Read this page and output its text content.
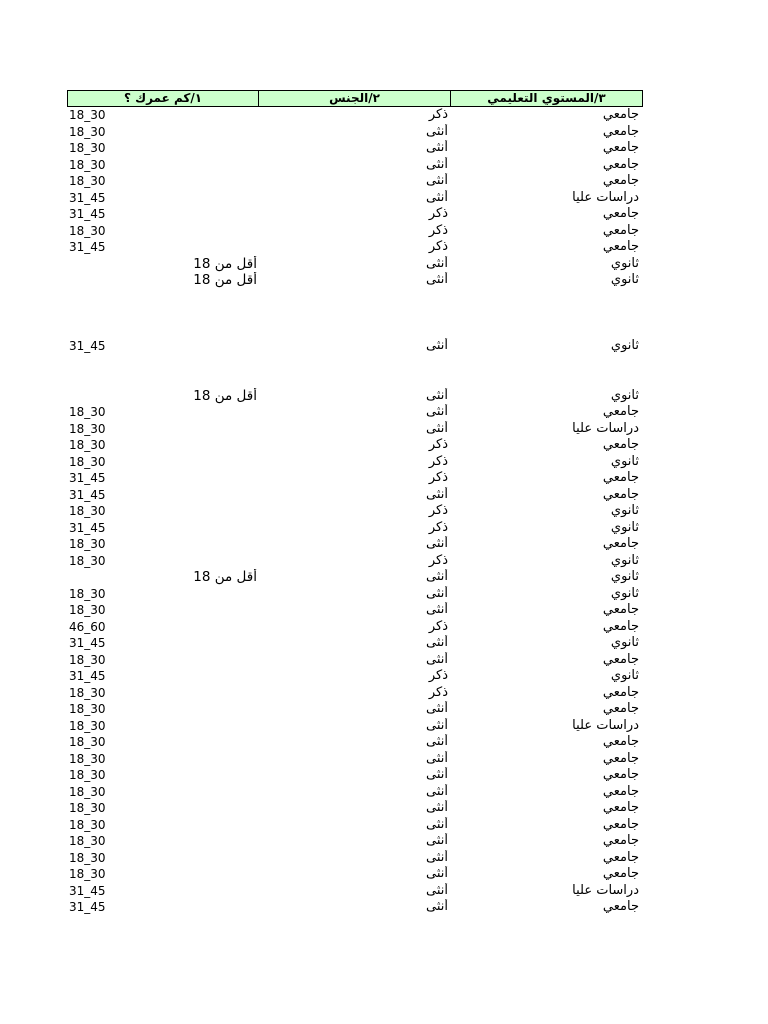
١/كم عمرك ؟	٢/الجنس	٣/المستوي التعليمي
18_30	ذكر	جامعي
18_30	أنثى	جامعي
18_30	أنثى	جامعي
18_30	أنثى	جامعي
18_30	أنثى	جامعي
31_45	أنثى	دراسات عليا
31_45	ذكر	جامعي
18_30	ذكر	جامعي
31_45	ذكر	جامعي
أقل من 18	أنثى	ثانوي
أقل من 18	أنثى	ثانوي
31_45	أنثى	ثانوي
أقل من 18	أنثى	ثانوي
18_30	أنثى	جامعي
18_30	أنثى	دراسات عليا
18_30	ذكر	جامعي
18_30	ذكر	ثانوي
31_45	ذكر	جامعي
31_45	أنثى	جامعي
18_30	ذكر	ثانوي
31_45	ذكر	ثانوي
18_30	أنثى	جامعي
18_30	ذكر	ثانوي
أقل من 18	أنثى	ثانوي
18_30	أنثى	ثانوي
18_30	أنثى	جامعي
46_60	ذكر	جامعي
31_45	أنثى	ثانوي
18_30	أنثى	جامعي
31_45	ذكر	ثانوي
18_30	ذكر	جامعي
18_30	أنثى	جامعي
18_30	أنثى	دراسات عليا
18_30	أنثى	جامعي
18_30	أنثى	جامعي
18_30	أنثى	جامعي
18_30	أنثى	جامعي
18_30	أنثى	جامعي
18_30	أنثى	جامعي
18_30	أنثى	جامعي
18_30	أنثى	جامعي
18_30	أنثى	جامعي
31_45	أنثى	دراسات عليا
31_45	أنثى	جامعي
